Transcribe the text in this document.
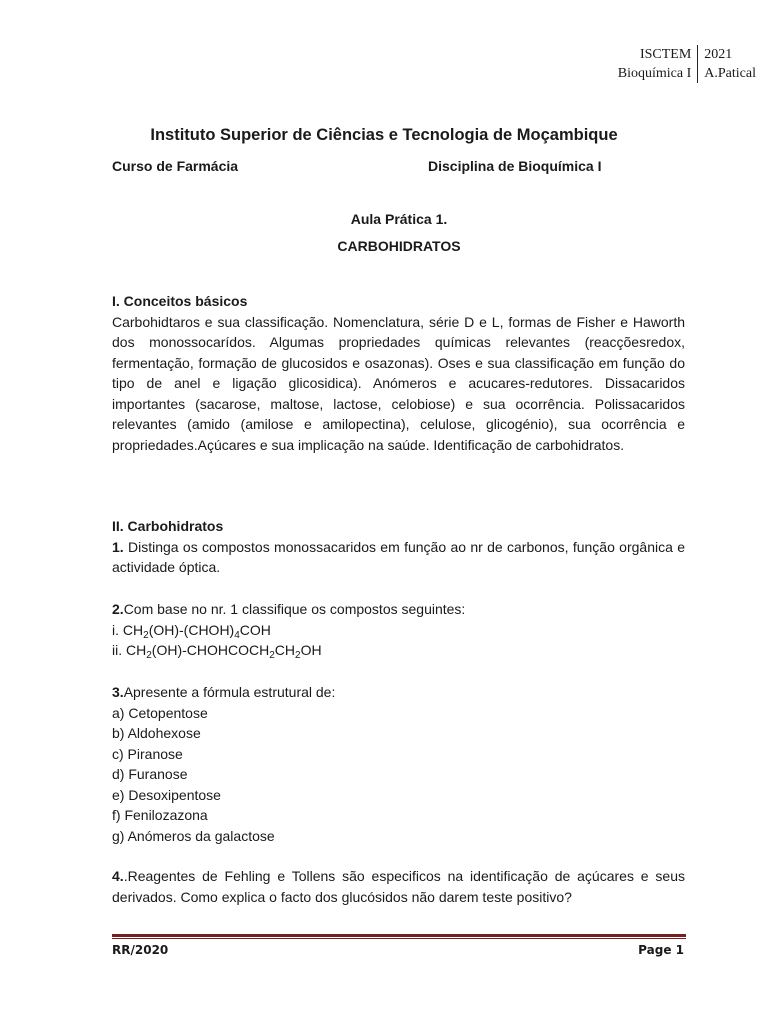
ISCTEM
Bioquímica I
2021
A.Patical
Instituto Superior de Ciências e Tecnologia de Moçambique
Curso de Farmácia	Disciplina de Bioquímica I
Aula Prática 1.
CARBOHIDRATOS
I. Conceitos básicos
Carbohidtaros e sua classificação. Nomenclatura, série D e L, formas de Fisher e Haworth dos monossocarídos. Algumas propriedades químicas relevantes (reacçõesredox, fermentação, formação de glucosidos e osazonas). Oses e sua classificação em função do tipo de anel e ligação glicosidica). Anómeros e acucares-redutores. Dissacaridos importantes (sacarose, maltose, lactose, celobiose) e sua ocorrência. Polissacaridos relevantes (amido (amilose e amilopectina), celulose, glicogénio), sua ocorrência e propriedades.Açúcares e sua implicação na saúde. Identificação de carbohidratos.
II. Carbohidratos
1. Distinga os compostos monossacaridos em função ao nr de carbonos, função orgânica e actividade óptica.
2.Com base no nr. 1 classifique os compostos seguintes:
i. $CH_2(OH)-(CHOH)_4COH$
ii. $CH_2(OH)-CHOHCOCH_2CH_2OH$
3.Apresente a fórmula estrutural de:
a) Cetopentose
b) Aldohexose
c) Piranose
d) Furanose
e) Desoxipentose
f) Fenilozazona
g) Anómeros da galactose
4..Reagentes de Fehling e Tollens são especificos na identificação de açúcares e seus derivados. Como explica o facto dos glucósidos não darem teste positivo?
RR/2020	Page 1
